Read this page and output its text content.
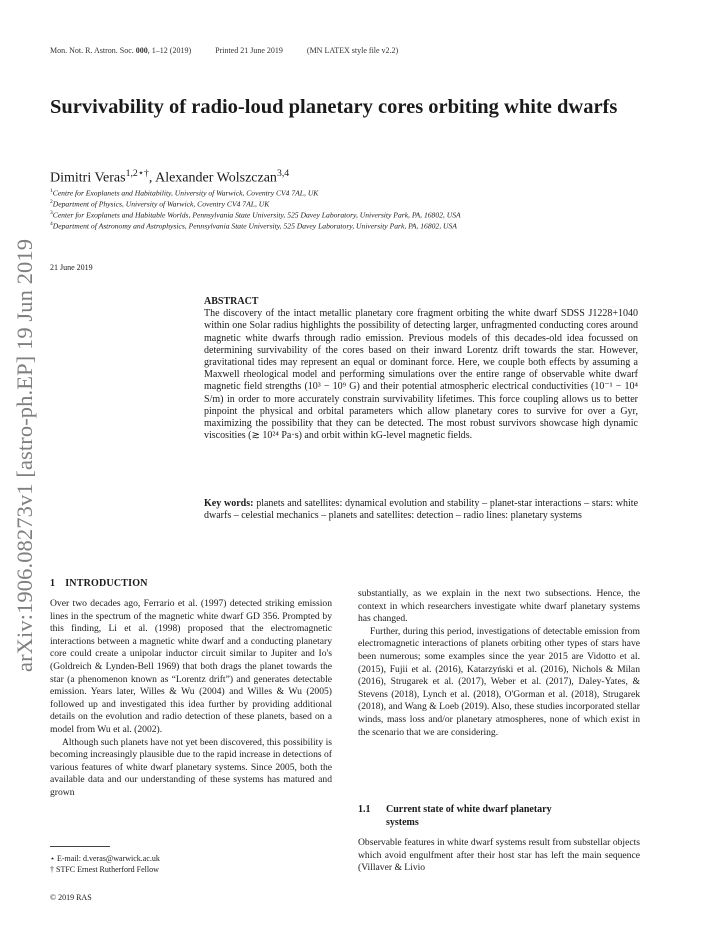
Mon. Not. R. Astron. Soc. 000, 1–12 (2019)	Printed 21 June 2019	(MN LATEX style file v2.2)
arXiv:1906.08273v1 [astro-ph.EP] 19 Jun 2019
Survivability of radio-loud planetary cores orbiting white dwarfs
Dimitri Veras$^{1,2⋆\dagger}$, Alexander Wolszczan$^{3,4}$
$^1$Centre for Exoplanets and Habitability, University of Warwick, Coventry CV4 7AL, UK
$^2$Department of Physics, University of Warwick, Coventry CV4 7AL, UK
$^3$Center for Exoplanets and Habitable Worlds, Pennsylvania State University, 525 Davey Laboratory, University Park, PA, 16802, USA
$^4$Department of Astronomy and Astrophysics, Pennsylvania State University, 525 Davey Laboratory, University Park, PA, 16802, USA
21 June 2019
ABSTRACT
The discovery of the intact metallic planetary core fragment orbiting the white dwarf SDSS J1228+1040 within one Solar radius highlights the possibility of detecting larger, unfragmented conducting cores around magnetic white dwarfs through radio emission. Previous models of this decades-old idea focussed on determining survivability of the cores based on their inward Lorentz drift towards the star. However, gravitational tides may represent an equal or dominant force. Here, we couple both effects by assuming a Maxwell rheological model and performing simulations over the entire range of observable white dwarf magnetic field strengths (10³ − 10⁹ G) and their potential atmospheric electrical conductivities (10⁻¹ − 10⁴ S/m) in order to more accurately constrain survivability lifetimes. This force coupling allows us to better pinpoint the physical and orbital parameters which allow planetary cores to survive for over a Gyr, maximizing the possibility that they can be detected. The most robust survivors showcase high dynamic viscosities (≳ 10²⁴ Pa·s) and orbit within kG-level magnetic fields.
Key words: planets and satellites: dynamical evolution and stability – planet-star interactions – stars: white dwarfs – celestial mechanics – planets and satellites: detection – radio lines: planetary systems
1 INTRODUCTION

Over two decades ago, Ferrario et al. (1997) detected striking emission lines in the spectrum of the magnetic white dwarf GD 356. Prompted by this finding, Li et al. (1998) proposed that the electromagnetic interactions between a magnetic white dwarf and a conducting planetary core could create a unipolar inductor circuit similar to Jupiter and Io's (Goldreich & Lynden-Bell 1969) that both drags the planet towards the star (a phenomenon known as “Lorentz drift”) and generates detectable emission. Years later, Willes & Wu (2004) and Willes & Wu (2005) followed up and investigated this idea further by providing additional details on the evolution and radio detection of these planets, based on a model from Wu et al. (2002).

Although such planets have not yet been discovered, this possibility is becoming increasingly plausible due to the rapid increase in detections of various features of white dwarf planetary systems. Since 2005, both the available data and our understanding of these systems has matured and grown

substantially, as we explain in the next two subsections. Hence, the context in which researchers investigate white dwarf planetary systems has changed.

Further, during this period, investigations of detectable emission from electromagnetic interactions of planets orbiting other types of stars have been numerous; some examples since the year 2015 are Vidotto et al. (2015), Fujii et al. (2016), Katarzyński et al. (2016), Nichols & Milan (2016), Strugarek et al. (2017), Weber et al. (2017), Daley-Yates, & Stevens (2018), Lynch et al. (2018), O'Gorman et al. (2018), Strugarek (2018), and Wang & Loeb (2019). Also, these studies incorporated stellar winds, mass loss and/or planetary atmospheres, none of which exist in the scenario that we are considering.

1.1 Current state of white dwarf planetary
systems

Observable features in white dwarf systems result from substellar objects which avoid engulfment after their host star has left the main sequence (Villaver & Livio

⋆ E-mail: d.veras@warwick.ac.uk
† STFC Ernest Rutherford Fellow
© 2019 RAS
